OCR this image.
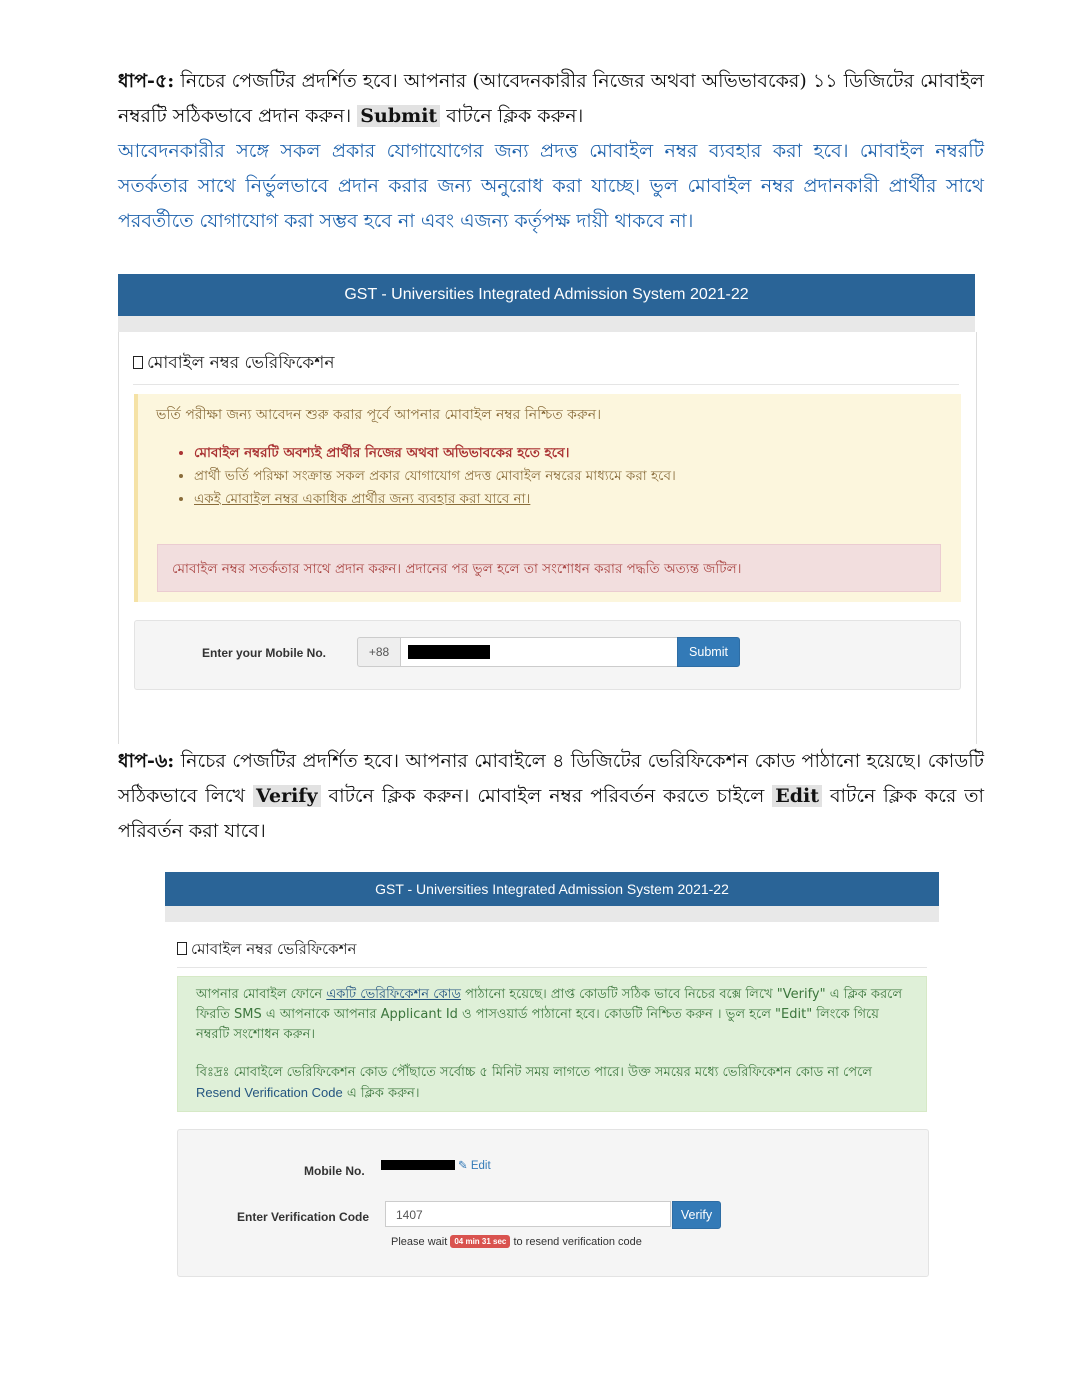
ধাপ-৫: নিচের পেজটির প্রদর্শিত হবে। আপনার (আবেদনকারীর নিজের অথবা অভিভাবকের) ১১ ডিজিটের মোবাইল
নম্বরটি সঠিকভাবে প্রদান করুন। Submit বাটনে ক্লিক করুন।
আবেদনকারীর সঙ্গে সকল প্রকার যোগাযোগের জন্য প্রদত্ত মোবাইল নম্বর ব্যবহার করা হবে। মোবাইল নম্বরটি সতর্কতার সাথে নির্ভুলভাবে প্রদান করার জন্য অনুরোধ করা যাচ্ছে। ভুল মোবাইল নম্বর প্রদানকারী প্রার্থীর সাথে পরবর্তীতে যোগাযোগ করা সম্ভব হবে না এবং এজন্য কর্তৃপক্ষ দায়ী থাকবে না।
GST - Universities Integrated Admission System 2021-22
মোবাইল নম্বর ভেরিফিকেশন
ভর্তি পরীক্ষা জন্য আবেদন শুরু করার পূর্বে আপনার মোবাইল নম্বর নিশ্চিত করুন।
• মোবাইল নম্বরটি অবশ্যই প্রার্থীর নিজের অথবা অভিভাবকের হতে হবে।
• প্রার্থী ভর্তি পরিক্ষা সংক্রান্ত সকল প্রকার যোগাযোগ প্রদত্ত মোবাইল নম্বরের মাধ্যমে করা হবে।
• একই মোবাইল নম্বর একাধিক প্রার্থীর জন্য ব্যবহার করা যাবে না।
মোবাইল নম্বর সতর্কতার সাথে প্রদান করুন। প্রদানের পর ভুল হলে তা সংশোধন করার পদ্ধতি অত্যন্ত জটিল।
Enter your Mobile No.	+88	Submit
ধাপ-৬: নিচের পেজটির প্রদর্শিত হবে। আপনার মোবাইলে ৪ ডিজিটের ভেরিফিকেশন কোড পাঠানো হয়েছে। কোডটি
সঠিকভাবে লিখে Verify বাটনে ক্লিক করুন। মোবাইল নম্বর পরিবর্তন করতে চাইলে Edit বাটনে ক্লিক করে তা
পরিবর্তন করা যাবে।
GST - Universities Integrated Admission System 2021-22
মোবাইল নম্বর ভেরিফিকেশন
আপনার মোবাইল ফোনে একটি ভেরিফিকেশন কোড পাঠানো হয়েছে। প্রাপ্ত কোডটি সঠিক ভাবে নিচের বক্সে লিখে "Verify" এ ক্লিক করলে ফিরতি SMS এ আপনাকে আপনার Applicant Id ও পাসওয়ার্ড পাঠানো হবে। কোডটি নিশ্চিত করুন । ভুল হলে "Edit" লিংকে গিয়ে নম্বরটি সংশোধন করুন।
বিঃদ্রঃ মোবাইলে ভেরিফিকেশন কোড পৌঁছাতে সর্বোচ্চ ৫ মিনিট সময় লাগতে পারে। উক্ত সময়ের মধ্যে ভেরিফিকেশন কোড না পেলে
Resend Verification Code এ ক্লিক করুন।
Mobile No.	✎ Edit
Enter Verification Code	1407	Verify
Please wait 04 min 31 sec to resend verification code
